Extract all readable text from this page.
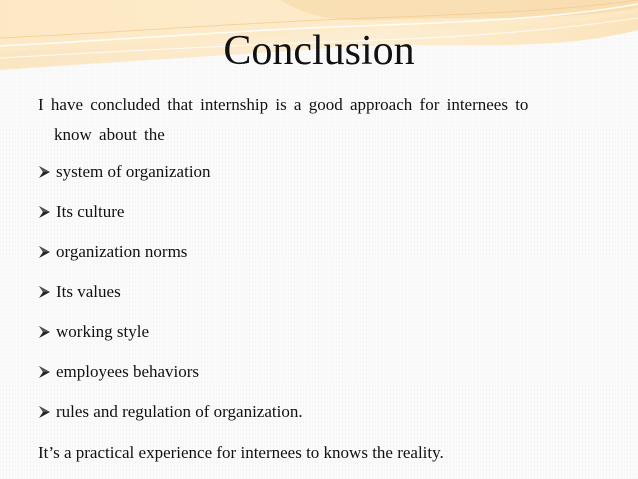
Conclusion

I have concluded that internship is a good approach for internees to
know about the

system of organization
Its culture
organization norms
Its values
working style
employees behaviors
rules and regulation of organization.
It’s a practical experience for internees to knows the reality.
